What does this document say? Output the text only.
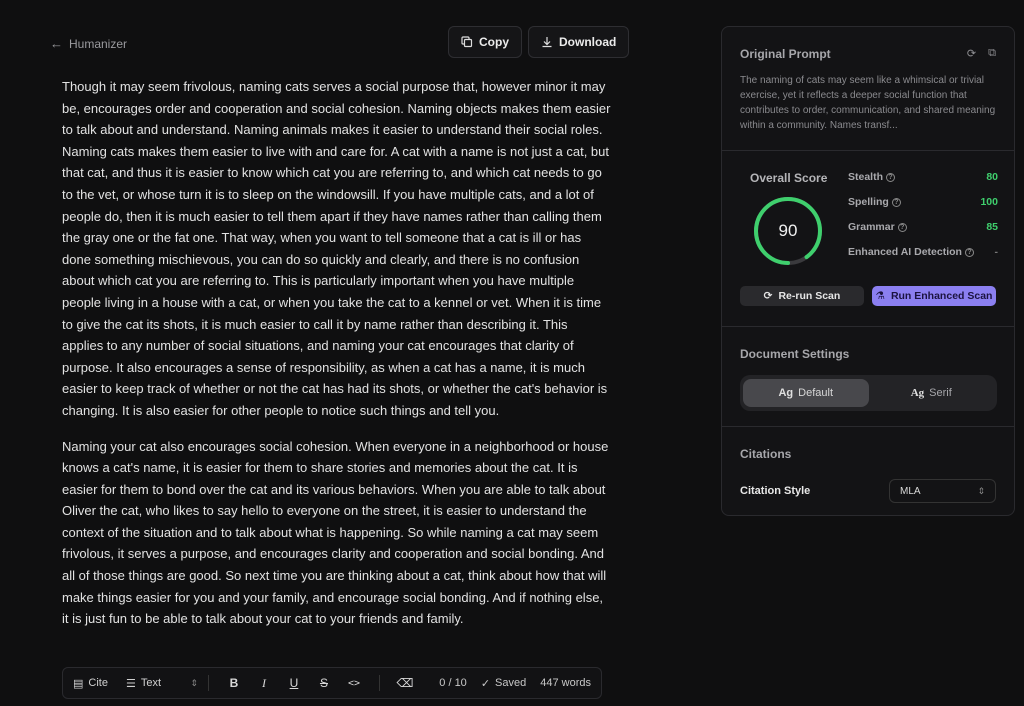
← Humanizer	Copy	Download

Though it may seem frivolous, naming cats serves a social purpose that, however minor it may be, encourages order and cooperation and social cohesion. Naming objects makes them easier to talk about and understand. Naming animals makes it easier to understand their social roles. Naming cats makes them easier to live with and care for. A cat with a name is not just a cat, but that cat, and thus it is easier to know which cat you are referring to, and which cat needs to go to the vet, or whose turn it is to sleep on the windowsill. If you have multiple cats, and a lot of people do, then it is much easier to tell them apart if they have names rather than calling them the gray one or the fat one. That way, when you want to tell someone that a cat is ill or has done something mischievous, you can do so quickly and clearly, and there is no confusion about which cat you are referring to. This is particularly important when you have multiple people living in a house with a cat, or when you take the cat to a kennel or vet. When it is time to give the cat its shots, it is much easier to call it by name rather than describing it. This applies to any number of social situations, and naming your cat encourages that clarity of purpose. It also encourages a sense of responsibility, as when a cat has a name, it is much easier to keep track of whether or not the cat has had its shots, or whether the cat's behavior is changing. It is also easier for other people to notice such things and tell you.

Naming your cat also encourages social cohesion. When everyone in a neighborhood or house knows a cat's name, it is easier for them to share stories and memories about the cat. It is easier for them to bond over the cat and its various behaviors. When you are able to talk about Oliver the cat, who likes to say hello to everyone on the street, it is easier to understand the context of the situation and to talk about what is happening. So while naming a cat may seem frivolous, it serves a purpose, and encourages clarity and cooperation and social bonding. And all of those things are good. So next time you are thinking about a cat, think about how that will make things easier for you and your family, and encourage social bonding. And if nothing else, it is just fun to be able to talk about your cat to your friends and family.

▤ Cite ☰ Text	⇕	B	I	U	S	<>	⌫	0 / 10 ✓ Saved 447 words
Original Prompt	⟳ ⧉
The naming of cats may seem like a whimsical or trivial exercise, yet it reflects a deeper social function that contributes to order, communication, and shared meaning within a community. Names transf...
Overall Score
90
Stealth ?	80
Spelling ?	100
Grammar ?	85
Enhanced AI Detection ? -
⟳ Re-run Scan	⚗ Run Enhanced Scan
Document Settings
Ag Default	Ag Serif
Citations
Citation Style	MLA	⇕
